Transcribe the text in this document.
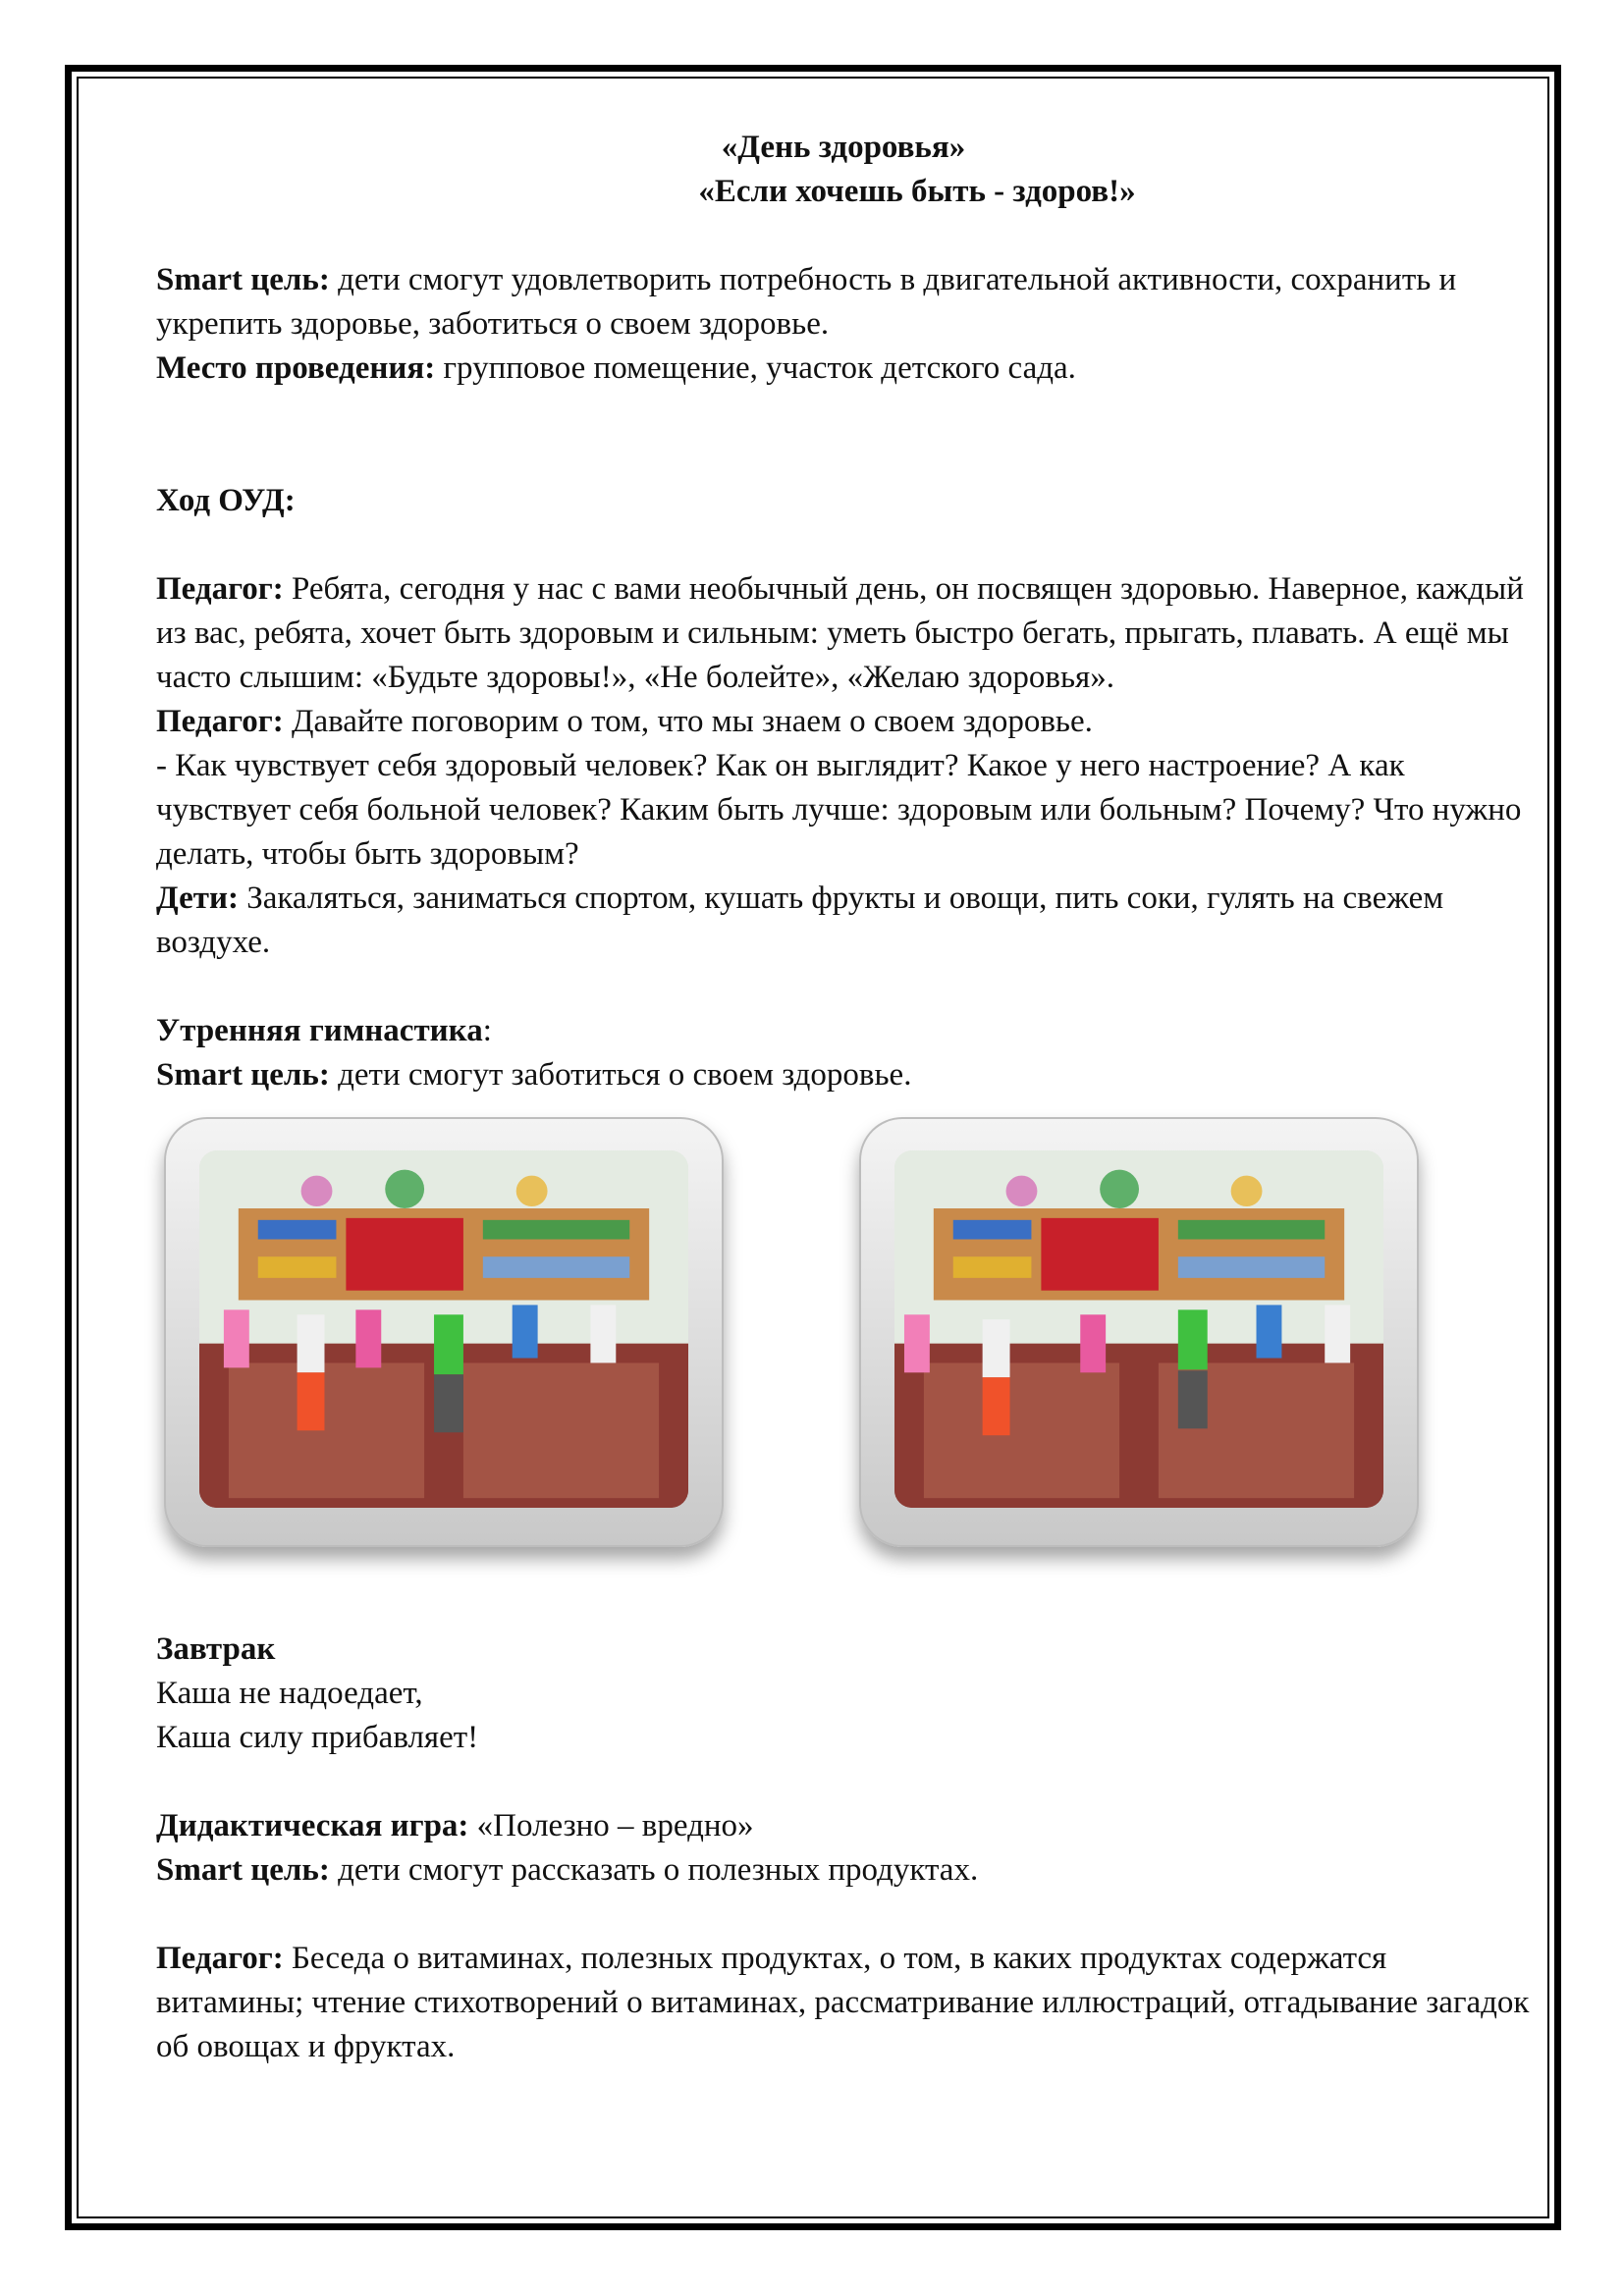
«День здоровья»

«Если хочешь быть - здоров!»

Smart цель: дети смогут удовлетворить потребность в двигательной активности, сохранить и укрепить здоровье, заботиться о своем здоровье.

Место проведения: групповое помещение, участок детского сада.

Ход ОУД:

Педагог: Ребята, сегодня у нас с вами необычный день, он посвящен здоровью. Наверное, каждый из вас, ребята, хочет быть здоровым и сильным: уметь быстро бегать, прыгать, плавать. А ещё мы часто слышим: «Будьте здоровы!», «Не болейте», «Желаю здоровья».

Педагог: Давайте поговорим о том, что мы знаем о своем здоровье.

- Как чувствует себя здоровый человек? Как он выглядит? Какое у него настроение? А как чувствует себя больной человек? Каким быть лучше: здоровым или больным? Почему? Что нужно делать, чтобы быть здоровым?

Дети: Закаляться, заниматься спортом, кушать фрукты и овощи, пить соки, гулять на свежем воздухе.

Утренняя гимнастика:

Smart цель: дети смогут заботиться о своем здоровье.

Завтрак

Каша не надоедает,

Каша силу прибавляет!

Дидактическая игра: «Полезно – вредно»

Smart цель: дети смогут рассказать о полезных продуктах.

Педагог: Беседа о витаминах, полезных продуктах, о том, в каких продуктах содержатся витамины; чтение стихотворений о витаминах, рассматривание иллюстраций, отгадывание загадок об овощах и фруктах.
